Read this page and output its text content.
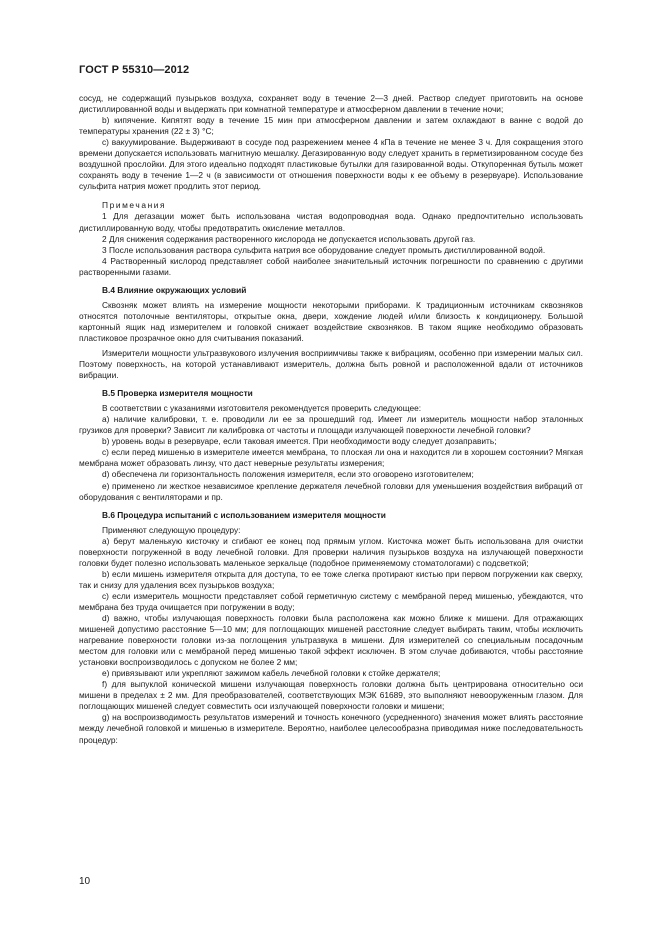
ГОСТ Р 55310—2012

сосуд, не содержащий пузырьков воздуха, сохраняет воду в течение 2—3 дней. Раствор следует приготовить на основе дистиллированной воды и выдержать при комнатной температуре и атмосферном давлении в течение ночи;

b) кипячение. Кипятят воду в течение 15 мин при атмосферном давлении и затем охлаждают в ванне с водой до температуры хранения (22 ± 3) °С;

c) вакуумирование. Выдерживают в сосуде под разрежением менее 4 кПа в течение не менее 3 ч. Для сокращения этого времени допускается использовать магнитную мешалку. Дегазированную воду следует хранить в герметизированном сосуде без воздушной прослойки. Для этого идеально подходят пластиковые бутылки для газированной воды. Откупоренная бутыль может сохранять воду в течение 1—2 ч (в зависимости от отношения поверхности воды к ее объему в резервуаре). Использование сульфита натрия может продлить этот период.

Примечания

1 Для дегазации может быть использована чистая водопроводная вода. Однако предпочтительно использовать дистиллированную воду, чтобы предотвратить окисление металлов.

2 Для снижения содержания растворенного кислорода не допускается использовать другой газ.

3 После использования раствора сульфита натрия все оборудование следует промыть дистиллированной водой.

4 Растворенный кислород представляет собой наиболее значительный источник погрешности по сравнению с другими растворенными газами.

В.4 Влияние окружающих условий

Сквозняк может влиять на измерение мощности некоторыми приборами. К традиционным источникам сквозняков относятся потолочные вентиляторы, открытые окна, двери, хождение людей и/или близость к кондиционеру. Большой картонный ящик над измерителем и головкой снижает воздействие сквозняков. В таком ящике необходимо образовать пластиковое прозрачное окно для считывания показаний.

Измерители мощности ультразвукового излучения восприимчивы также к вибрациям, особенно при измерении малых сил. Поэтому поверхность, на которой устанавливают измеритель, должна быть ровной и расположенной вдали от источников вибрации.

В.5 Проверка измерителя мощности

В соответствии с указаниями изготовителя рекомендуется проверить следующее:

a) наличие калибровки, т. е. проводили ли ее за прошедший год. Имеет ли измеритель мощности набор эталонных грузиков для проверки? Зависит ли калибровка от частоты и площади излучающей поверхности лечебной головки?

b) уровень воды в резервуаре, если таковая имеется. При необходимости воду следует дозаправить;

c) если перед мишенью в измерителе имеется мембрана, то плоская ли она и находится ли в хорошем состоянии? Мягкая мембрана может образовать линзу, что даст неверные результаты измерения;

d) обеспечена ли горизонтальность положения измерителя, если это оговорено изготовителем;

e) применено ли жесткое независимое крепление держателя лечебной головки для уменьшения воздействия вибраций от оборудования с вентиляторами и пр.

В.6 Процедура испытаний с использованием измерителя мощности

Применяют следующую процедуру:

a) берут маленькую кисточку и сгибают ее конец под прямым углом. Кисточка может быть использована для очистки поверхности погруженной в воду лечебной головки. Для проверки наличия пузырьков воздуха на излучающей поверхности головки будет полезно использовать маленькое зеркальце (подобное применяемому стоматологами) с подсветкой;

b) если мишень измерителя открыта для доступа, то ее тоже слегка протирают кистью при первом погружении как сверху, так и снизу для удаления всех пузырьков воздуха;

c) если измеритель мощности представляет собой герметичную систему с мембраной перед мишенью, убеждаются, что мембрана без труда очищается при погружении в воду;

d) важно, чтобы излучающая поверхность головки была расположена как можно ближе к мишени. Для отражающих мишеней допустимо расстояние 5—10 мм; для поглощающих мишеней расстояние следует выбирать таким, чтобы исключить нагревание поверхности головки из-за поглощения ультразвука в мишени. Для измерителей со специальным посадочным местом для головки или с мембраной перед мишенью такой эффект исключен. В этом случае добиваются, чтобы расстояние установки воспроизводилось с допуском не более 2 мм;

e) привязывают или укрепляют зажимом кабель лечебной головки к стойке держателя;

f) для выпуклой конической мишени излучающая поверхность головки должна быть центрирована относительно оси мишени в пределах ± 2 мм. Для преобразователей, соответствующих МЭК 61689, это выполняют невооруженным глазом. Для поглощающих мишеней следует совместить оси излучающей поверхности головки и мишени;

g) на воспроизводимость результатов измерений и точность конечного (усредненного) значения может влиять расстояние между лечебной головкой и мишенью в измерителе. Вероятно, наиболее целесообразна приводимая ниже последовательность процедур:

10
